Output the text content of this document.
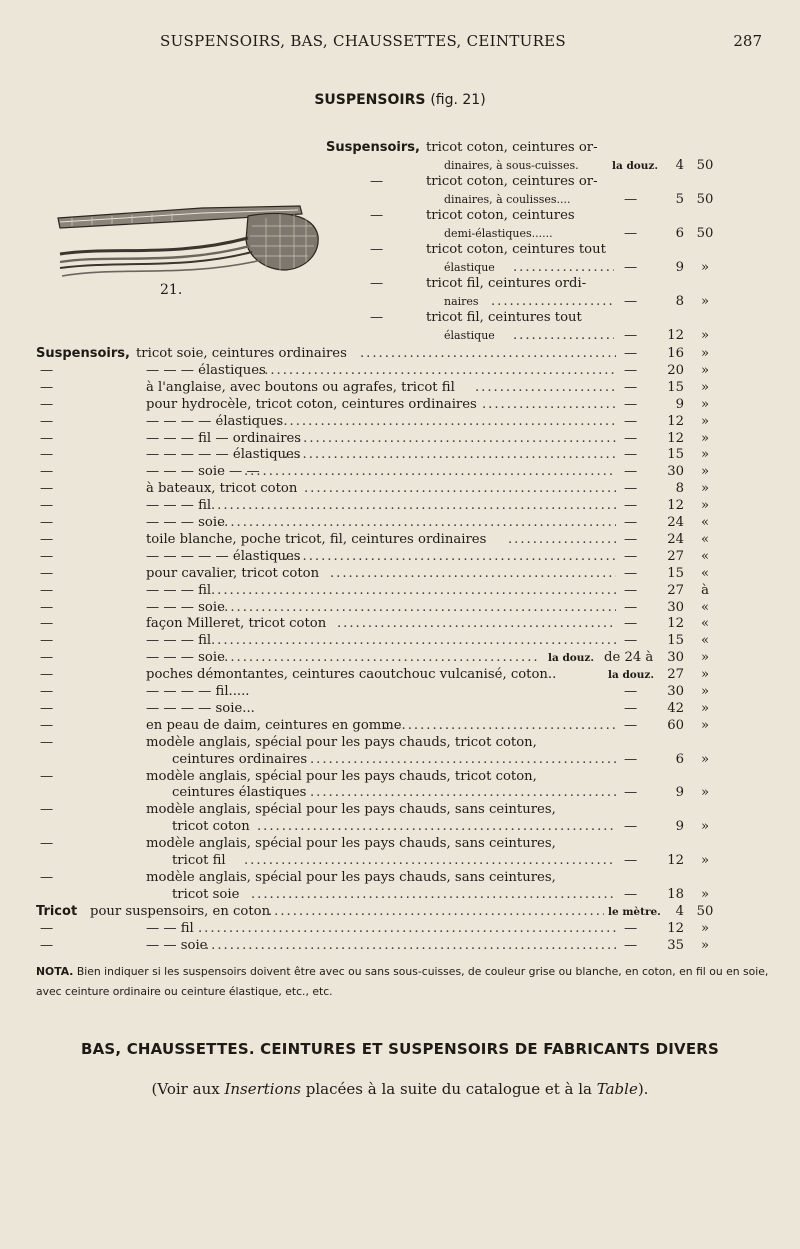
SUSPENSOIRS, BAS, CHAUSSETTES, CEINTURES	287
SUSPENSOIRS (fig. 21)
21.
Suspensoirs, tricot coton, ceintures or-
dinaires, à sous-cuisses.	la douz.	4 50
—	tricot coton, ceintures or-
dinaires, à coulisses....	—	5 50
—	tricot coton, ceintures
demi-élastiques......	—	6 50
—	tricot coton, ceintures tout
élastique . . .	—	9	»
—	tricot fil, ceintures ordi-
naires . . .	—	8	»
—	tricot fil, ceintures tout
élastique . . .	—	12	»
Suspensoirs, tricot soie, ceintures ordinaires . . .	—	16	»
—	— — — élastiques . . .	—	20	»
—	à l'anglaise, avec boutons ou agrafes, tricot fil . . .	—	15	»
—	pour hydrocèle, tricot coton, ceintures ordinaires . . .	—	9	»
—	— — — — élastiques . . .	—	12	»
—	— — — fil — ordinaires . . .	—	12	»
—	— — — — — élastiques . . .	—	15	»
—	— — — soie — — . . .	—	30	»
—	à bateaux, tricot coton . . .	—	8	»
—	— — — fil . . .	—	12	»
—	— — — soie . . .	—	24	«
—	toile blanche, poche tricot, fil, ceintures ordinaires . . .	—	24	«
—	— — — — — élastiques . . .	—	27	«
—	pour cavalier, tricot coton . . .	—	15	«
—	— — — fil . . .	—	27	à
—	— — — soie . . .	—	30	«
—	façon Milleret, tricot coton . . .	—	12	«
—	— — — fil . . .	—	15	«
—	— — — soie . . .	la douz. de 24 à	30	»
—	poches démontantes, ceintures caoutchouc vulcanisé, coton..	la douz. 27	»
—	— — — — fil.....	—	30	»
—	— — — — soie...	—	42	»
—	en peau de daim, ceintures en gomme . . .	—	60	»
—	modèle anglais, spécial pour les pays chauds, tricot coton,
ceintures ordinaires . . .	—	6	»
—	modèle anglais, spécial pour les pays chauds, tricot coton,
ceintures élastiques . . .	—	9	»
—	modèle anglais, spécial pour les pays chauds, sans ceintures,
tricot coton . . .	—	9	»
—	modèle anglais, spécial pour les pays chauds, sans ceintures,
tricot fil . . .	—	12	»
—	modèle anglais, spécial pour les pays chauds, sans ceintures,
tricot soie . . .	—	18	»
Tricot pour suspensoirs, en coton . . .	le mètre.	4 50
—	— — fil . . .	—	12	»
—	— — soie . . .	—	35	»
NOTA. Bien indiquer si les suspensoirs doivent être avec ou sans sous-cuisses, de couleur grise ou blanche, en coton, en fil ou en soie, avec ceinture ordinaire ou ceinture élastique, etc., etc.
BAS, CHAUSSETTES. CEINTURES ET SUSPENSOIRS DE FABRICANTS DIVERS
(Voir aux Insertions placées à la suite du catalogue et à la Table).
